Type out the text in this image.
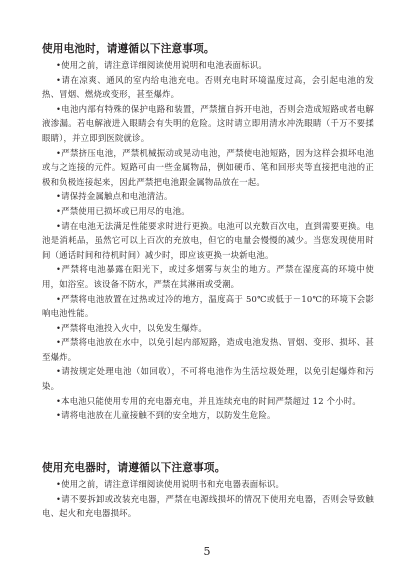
使用电池时，请遵循以下注意事项。

•使用之前，请注意详细阅读使用说明和电池表面标识。

•请在凉爽、通风的室内给电池充电。否则充电时环境温度过高，会引起电池的发热、冒烟、燃烧或变形，甚至爆炸。

•电池内部有特殊的保护电路和装置，严禁擅自拆开电池，否则会造成短路或者电解液渗漏。若电解液进入眼睛会有失明的危险。这时请立即用清水冲洗眼睛（千万不要揉眼睛），并立即到医院就诊。

•严禁挤压电池，严禁机械振动或晃动电池，严禁使电池短路，因为这样会损坏电池或与之连接的元件。短路可由一些金属物品，例如硬币、笔和回形夹等直接把电池的正极和负极连接起来，因此严禁把电池跟金属物品放在一起。

•请保持金属触点和电池清洁。

•严禁使用已损坏或已用尽的电池。

•请在电池无法满足性能要求时进行更换。电池可以充数百次电，直到需要更换。电池是消耗品，虽然它可以上百次的充放电，但它的电量会慢慢的减少。当您发现使用时间（通话时间和待机时间）减少时，即应该更换一块新电池。

•严禁将电池暴露在阳光下，或过多烟雾与灰尘的地方。严禁在湿度高的环境中使用，如浴室。该设备不防水，严禁在其淋雨或受潮。

•严禁将电池放置在过热或过冷的地方，温度高于 50℃或低于－10℃的环境下会影响电池性能。

•严禁将电池投入火中，以免发生爆炸。

•严禁将电池放在水中，以免引起内部短路，造成电池发热、冒烟、变形、损坏、甚至爆炸。

•请按规定处理电池（如回收），不可将电池作为生活垃圾处理，以免引起爆炸和污染。

•本电池只能使用专用的充电器充电，并且连续充电的时间严禁超过 12 个小时。

•请将电池放在儿童接触不到的安全地方，以防发生危险。

使用充电器时，请遵循以下注意事项。

•使用之前，请注意详细阅读使用说明书和充电器表面标识。

•请不要拆卸或改装充电器，严禁在电源线损坏的情况下使用充电器，否则会导致触电、起火和充电器损坏。

5
